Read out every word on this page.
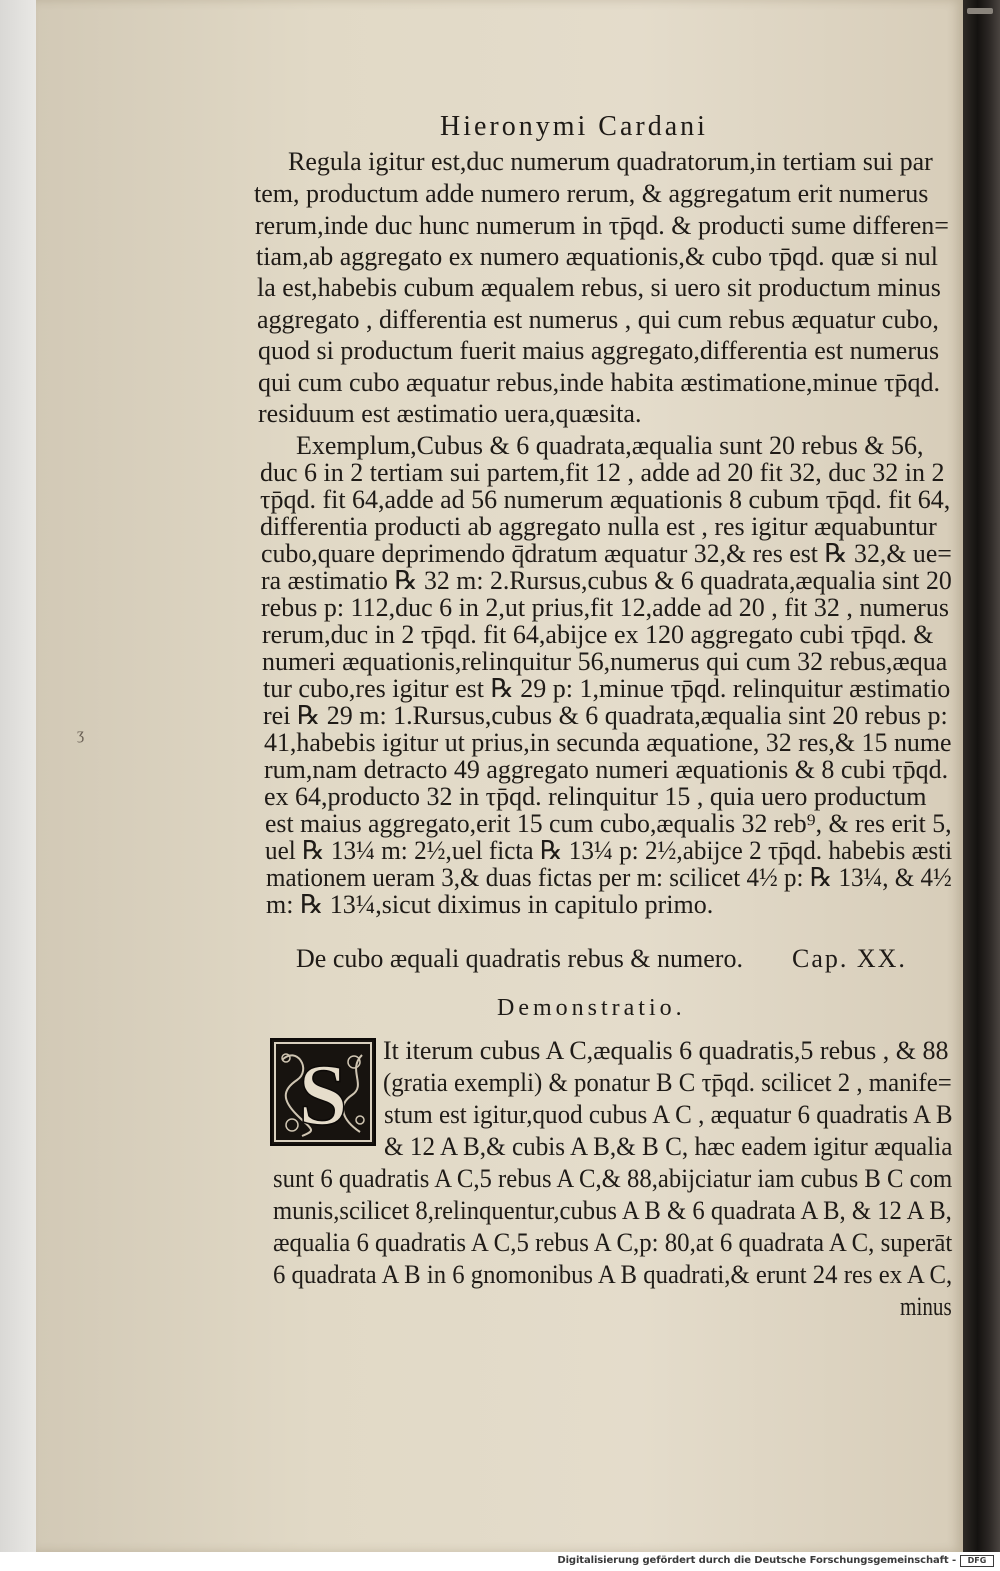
Hieronymi Cardani
Regula igitur est,duc numerum quadratorum,in tertiam sui par
tem, productum adde numero rerum, & aggregatum erit numerus
rerum,inde duc hunc numerum in τp̄qd. & producti sume differen=
tiam,ab aggregato ex numero æquationis,& cubo τp̄qd. quæ si nul
la est,habebis cubum æqualem rebus, si uero sit productum minus
aggregato , differentia est numerus , qui cum rebus æquatur cubo,
quod si productum fuerit maius aggregato,differentia est numerus
qui cum cubo æquatur rebus,inde habita æstimatione,minue τp̄qd.
residuum est æstimatio uera,quæsita.
Exemplum,Cubus & 6 quadrata,æqualia sunt 20 rebus & 56,
duc 6 in 2 tertiam sui partem,fit 12 , adde ad 20 fit 32, duc 32 in 2
τp̄qd. fit 64,adde ad 56 numerum æquationis 8 cubum τp̄qd. fit 64,
differentia producti ab aggregato nulla est , res igitur æquabuntur
cubo,quare deprimendo q̄dratum æquatur 32,& res est ℞ 32,& ue=
ra æstimatio ℞ 32 m: 2.Rursus,cubus & 6 quadrata,æqualia sint 20
rebus p: 112,duc 6 in 2,ut prius,fit 12,adde ad 20 , fit 32 , numerus
rerum,duc in 2 τp̄qd. fit 64,abijce ex 120 aggregato cubi τp̄qd. &
numeri æquationis,relinquitur 56,numerus qui cum 32 rebus,æqua
tur cubo,res igitur est ℞ 29 p: 1,minue τp̄qd. relinquitur æstimatio
rei ℞ 29 m: 1.Rursus,cubus & 6 quadrata,æqualia sint 20 rebus p:
41,habebis igitur ut prius,in secunda æquatione, 32 res,& 15 nume
rum,nam detracto 49 aggregato numeri æquationis & 8 cubi τp̄qd.
ex 64,producto 32 in τp̄qd. relinquitur 15 , quia uero productum
est maius aggregato,erit 15 cum cubo,æqualis 32 reb⁹, & res erit 5,
uel ℞ 13¼ m: 2½,uel ficta ℞ 13¼ p: 2½,abijce 2 τp̄qd. habebis æsti
mationem ueram 3,& duas fictas per m: scilicet 4½ p: ℞ 13¼, & 4½
m: ℞ 13¼,sicut diximus in capitulo primo.
De cubo æquali quadratis rebus & numero. Cap. XX.
Demonstratio.
S It iterum cubus A C,æqualis 6 quadratis,5 rebus , & 88
(gratia exempli) & ponatur B C τp̄qd. scilicet 2 , manife=
stum est igitur,quod cubus A C , æquatur 6 quadratis A B
& 12 A B,& cubis A B,& B C, hæc eadem igitur æqualia
sunt 6 quadratis A C,5 rebus A C,& 88,abijciatur iam cubus B C com
munis,scilicet 8,relinquentur,cubus A B & 6 quadrata A B, & 12 A B,
æqualia 6 quadratis A C,5 rebus A C,p: 80,at 6 quadrata A C, superāt
6 quadrata A B in 6 gnomonibus A B quadrati,& erunt 24 res ex A C,
minus
ʒ
Digitalisierung gefördert durch die Deutsche Forschungsgemeinschaft -	DFG
